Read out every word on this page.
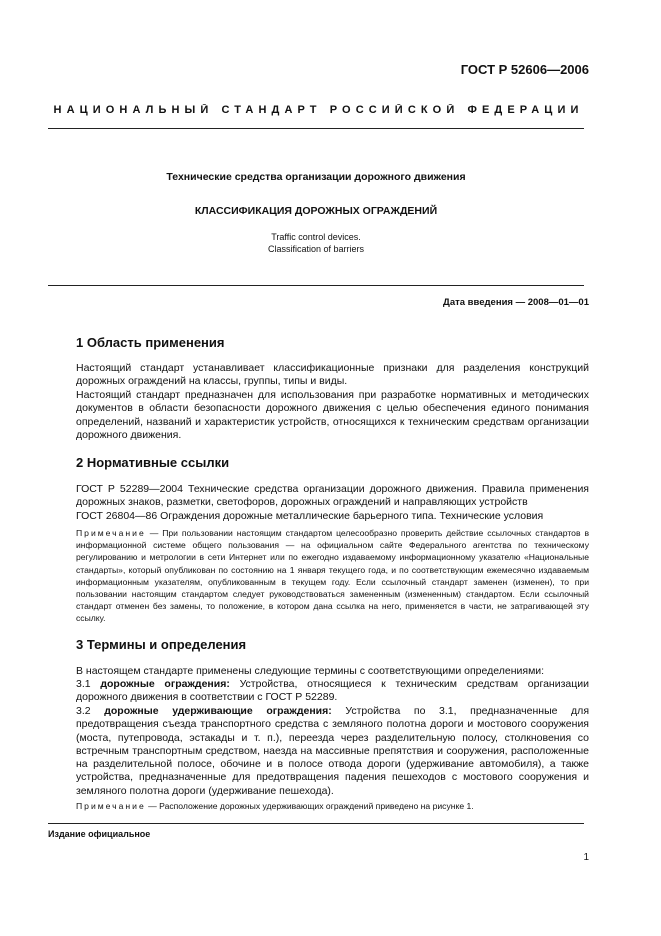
ГОСТ Р 52606—2006
НАЦИОНАЛЬНЫЙ СТАНДАРТ РОССИЙСКОЙ ФЕДЕРАЦИИ
Технические средства организации дорожного движения
КЛАССИФИКАЦИЯ ДОРОЖНЫХ ОГРАЖДЕНИЙ
Traffic control devices.
Classification of barriers
Дата введения — 2008—01—01
1 Область применения
Настоящий стандарт устанавливает классификационные признаки для разделения конструкций дорожных ограждений на классы, группы, типы и виды.
Настоящий стандарт предназначен для использования при разработке нормативных и методических документов в области безопасности дорожного движения с целью обеспечения единого понимания определений, названий и характеристик устройств, относящихся к техническим средствам организации дорожного движения.
2 Нормативные ссылки
ГОСТ Р 52289—2004 Технические средства организации дорожного движения. Правила применения дорожных знаков, разметки, светофоров, дорожных ограждений и направляющих устройств
ГОСТ 26804—86 Ограждения дорожные металлические барьерного типа. Технические условия
Примечание — При пользовании настоящим стандартом целесообразно проверить действие ссылочных стандартов в информационной системе общего пользования — на официальном сайте Федерального агентства по техническому регулированию и метрологии в сети Интернет или по ежегодно издаваемому информационному указателю «Национальные стандарты», который опубликован по состоянию на 1 января текущего года, и по соответствующим ежемесячно издаваемым информационным указателям, опубликованным в текущем году. Если ссылочный стандарт заменен (изменен), то при пользовании настоящим стандартом следует руководствоваться замененным (измененным) стандартом. Если ссылочный стандарт отменен без замены, то положение, в котором дана ссылка на него, применяется в части, не затрагивающей эту ссылку.
3 Термины и определения
В настоящем стандарте применены следующие термины с соответствующими определениями:
3.1 дорожные ограждения: Устройства, относящиеся к техническим средствам организации дорожного движения в соответствии с ГОСТ Р 52289.
3.2 дорожные удерживающие ограждения: Устройства по 3.1, предназначенные для предотвращения съезда транспортного средства с земляного полотна дороги и мостового сооружения (моста, путепровода, эстакады и т. п.), переезда через разделительную полосу, столкновения со встречным транспортным средством, наезда на массивные препятствия и сооружения, расположенные на разделительной полосе, обочине и в полосе отвода дороги (удерживание автомобиля), а также устройства, предназначенные для предотвращения падения пешеходов с мостового сооружения и земляного полотна дороги (удерживание пешехода).
Примечание — Расположение дорожных удерживающих ограждений приведено на рисунке 1.
Издание официальное
1
